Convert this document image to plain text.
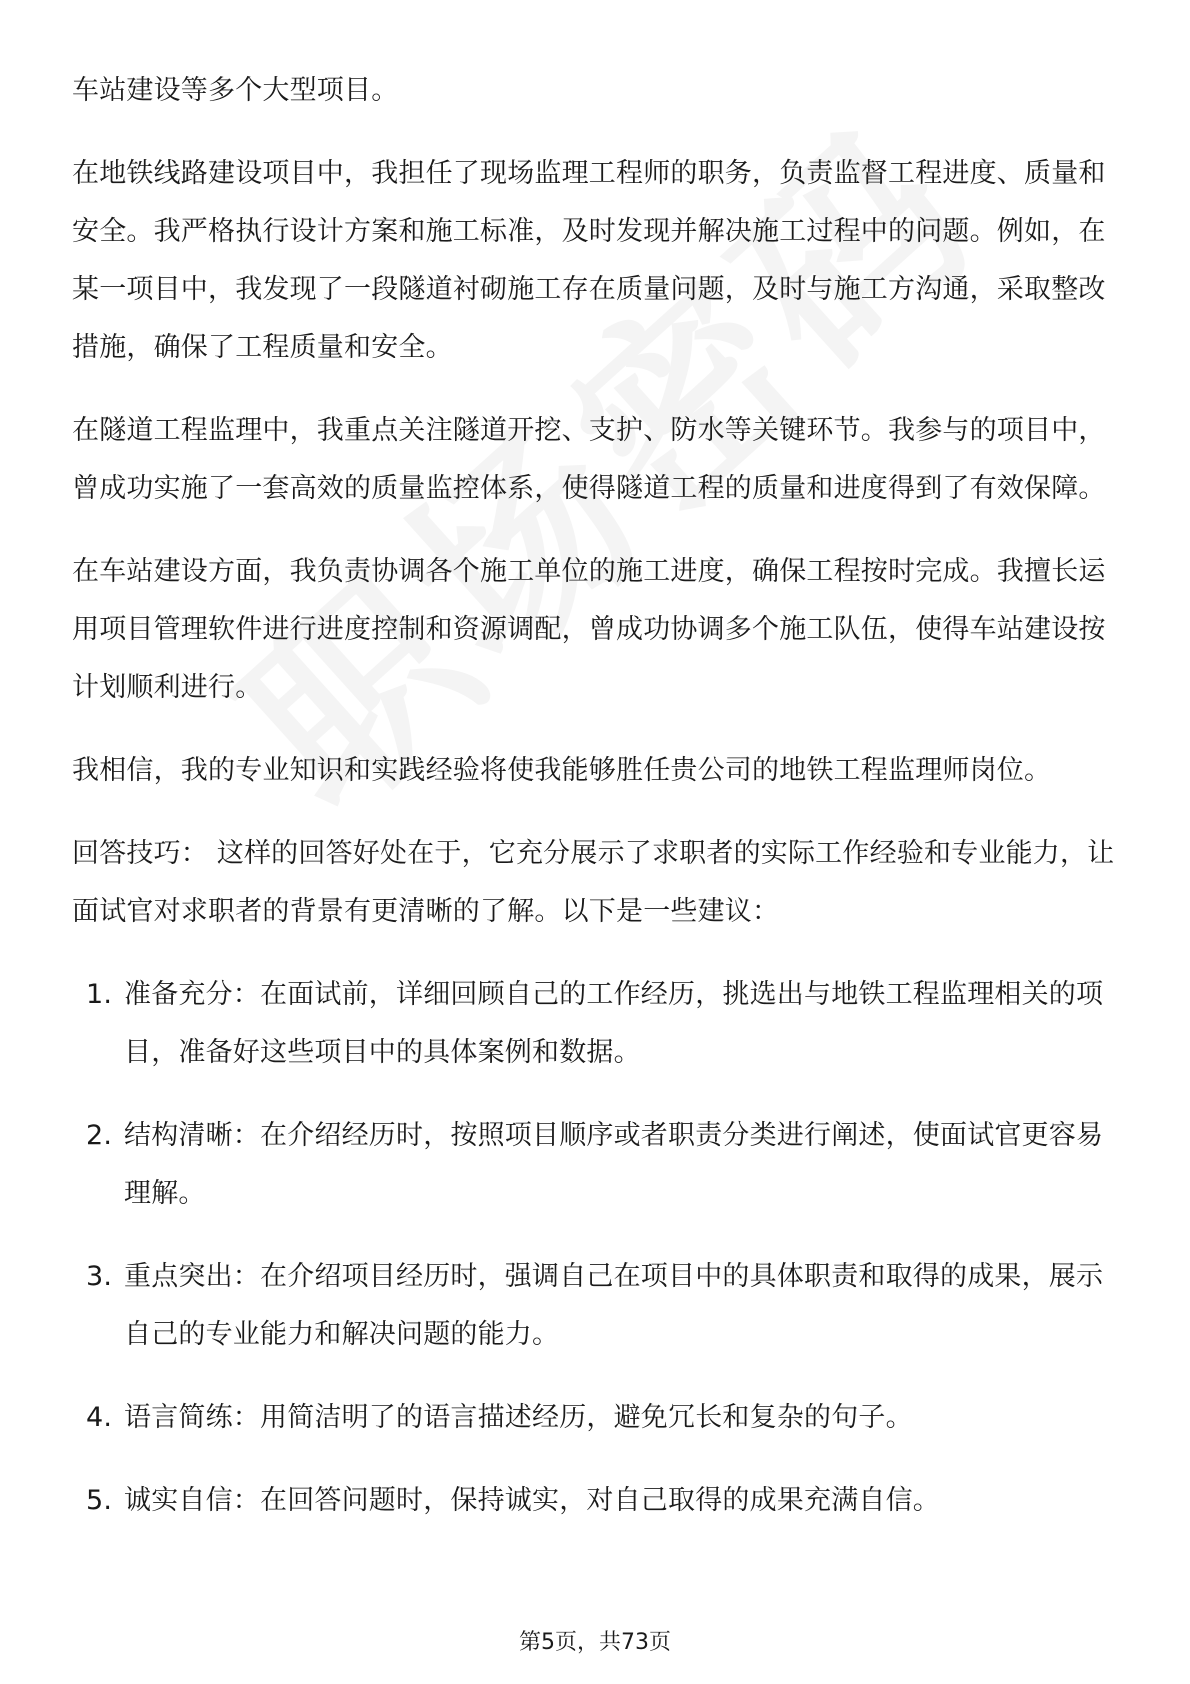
车站建设等多个大型项目。

在地铁线路建设项目中，我担任了现场监理工程师的职务，负责监督工程进度、质量和安全。我严格执行设计方案和施工标准，及时发现并解决施工过程中的问题。例如，在某一项目中，我发现了一段隧道衬砌施工存在质量问题，及时与施工方沟通，采取整改措施，确保了工程质量和安全。

在隧道工程监理中，我重点关注隧道开挖、支护、防水等关键环节。我参与的项目中，曾成功实施了一套高效的质量监控体系，使得隧道工程的质量和进度得到了有效保障。

在车站建设方面，我负责协调各个施工单位的施工进度，确保工程按时完成。我擅长运用项目管理软件进行进度控制和资源调配，曾成功协调多个施工队伍，使得车站建设按计划顺利进行。

我相信，我的专业知识和实践经验将使我能够胜任贵公司的地铁工程监理师岗位。

回答技巧： 这样的回答好处在于，它充分展示了求职者的实际工作经验和专业能力，让面试官对求职者的背景有更清晰的了解。以下是一些建议：

1. 准备充分：在面试前，详细回顾自己的工作经历，挑选出与地铁工程监理相关的项目，准备好这些项目中的具体案例和数据。
2. 结构清晰：在介绍经历时，按照项目顺序或者职责分类进行阐述，使面试官更容易理解。
3. 重点突出：在介绍项目经历时，强调自己在项目中的具体职责和取得的成果，展示自己的专业能力和解决问题的能力。
4. 语言简练：用简洁明了的语言描述经历，避免冗长和复杂的句子。
5. 诚实自信：在回答问题时，保持诚实，对自己取得的成果充满自信。
第5页，共73页
